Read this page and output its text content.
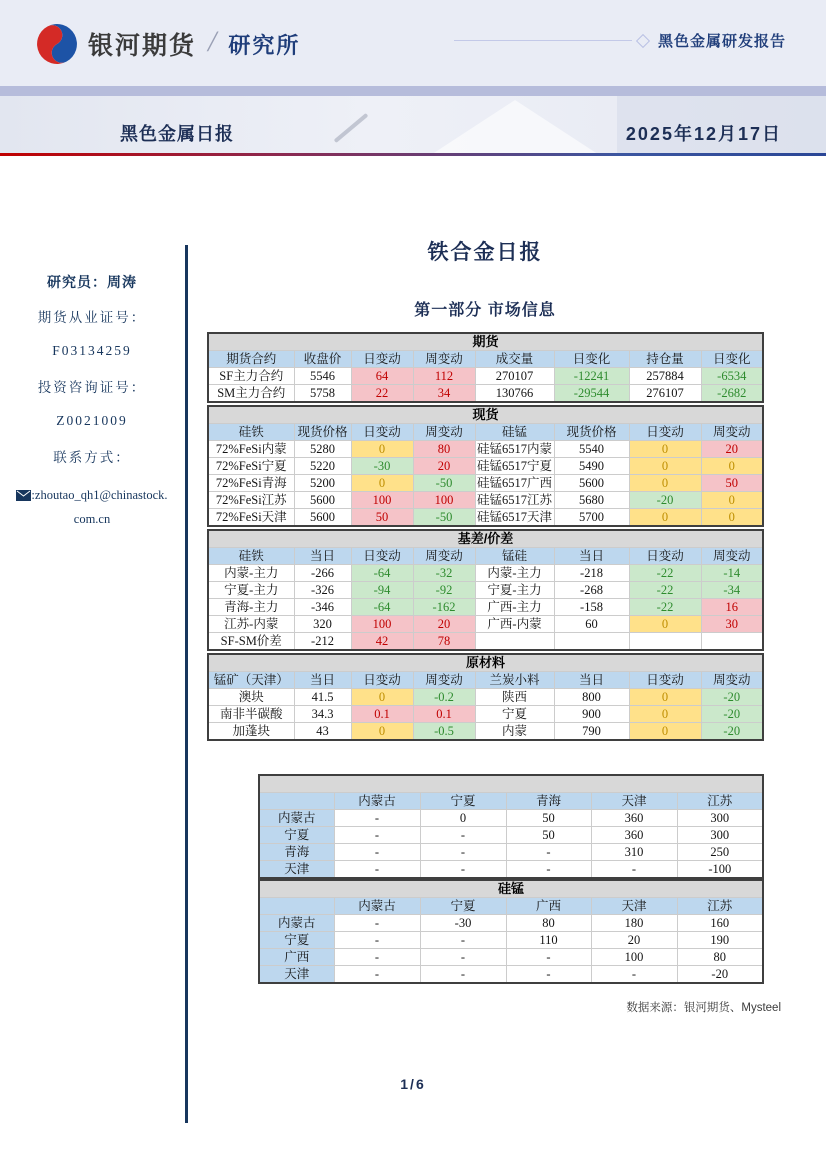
银河期货 / 研究所	黑色金属研发报告
黑色金属日报	2025年12月17日
研究员：周涛
期货从业证号：
F03134259
投资咨询证号：
Z0021009
联系方式：
:zhoutao_qh1@chinastock.
com.cn
铁合金日报
第一部分 市场信息
期货							
期货合约	收盘价	日变动	周变动	成交量	日变化	持仓量	日变化
SF主力合约	5546	64	112	270107	-12241	257884	-6534
SM主力合约	5758	22	34	130766	-29544	276107	-2682
现货							
硅铁	现货价格	日变动	周变动	硅锰	现货价格	日变动	周变动
72%FeSi内蒙	5280	0	80	硅锰6517内蒙	5540	0	20
72%FeSi宁夏	5220	-30	20	硅锰6517宁夏	5490	0	0
72%FeSi青海	5200	0	-50	硅锰6517广西	5600	0	50
72%FeSi江苏	5600	100	100	硅锰6517江苏	5680	-20	0
72%FeSi天津	5600	50	-50	硅锰6517天津	5700	0	0
基差/价差							
硅铁	当日	日变动	周变动	锰硅	当日	日变动	周变动
内蒙-主力	-266	-64	-32	内蒙-主力	-218	-22	-14
宁夏-主力	-326	-94	-92	宁夏-主力	-268	-22	-34
青海-主力	-346	-64	-162	广西-主力	-158	-22	16
江苏-内蒙	320	100	20	广西-内蒙	60	0	30
SF-SM价差	-212	42	78				
原材料							
锰矿（天津）	当日	日变动	周变动	兰炭小料	当日	日变动	周变动
澳块	41.5	0	-0.2	陕西	800	0	-20
南非半碳酸	34.3	0.1	0.1	宁夏	900	0	-20
加蓬块	43	0	-0.5	内蒙	790	0	-20

	内蒙古	宁夏	青海	天津	江苏
内蒙古	-	0	50	360	300
宁夏	-	-	50	360	300
青海	-	-	-	310	250
天津	-	-	-	-	-100
硅锰					
	内蒙古	宁夏	广西	天津	江苏
内蒙古	-	-30	80	180	160
宁夏	-	-	110	20	190
广西	-	-	-	100	80
天津	-	-	-	-	-20
数据来源：银河期货、Mysteel
1/6
